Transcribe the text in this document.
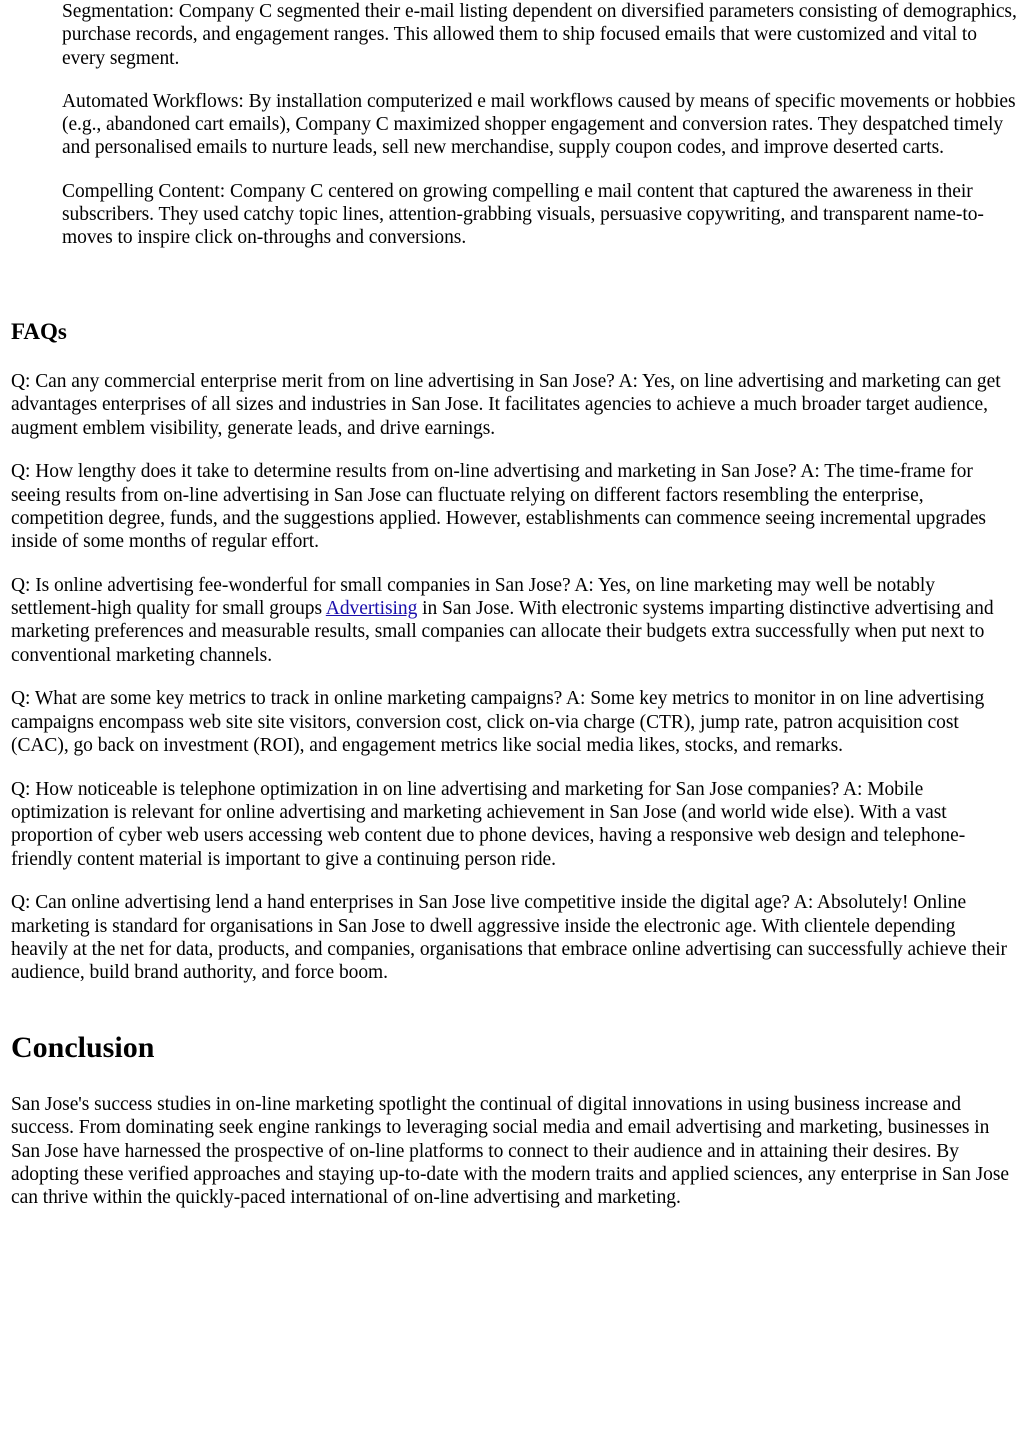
Segmentation: Company C segmented their e-mail listing dependent on diversified parameters consisting of demographics, purchase records, and engagement ranges. This allowed them to ship focused emails that were customized and vital to every segment.

Automated Workflows: By installation computerized e mail workflows caused by means of specific movements or hobbies (e.g., abandoned cart emails), Company C maximized shopper engagement and conversion rates. They despatched timely and personalised emails to nurture leads, sell new merchandise, supply coupon codes, and improve deserted carts.

Compelling Content: Company C centered on growing compelling e mail content that captured the awareness in their subscribers. They used catchy topic lines, attention-grabbing visuals, persuasive copywriting, and transparent name-to-moves to inspire click on-throughs and conversions.

FAQs

Q: Can any commercial enterprise merit from on line advertising in San Jose? A: Yes, on line advertising and marketing can get advantages enterprises of all sizes and industries in San Jose. It facilitates agencies to achieve a much broader target audience, augment emblem visibility, generate leads, and drive earnings.

Q: How lengthy does it take to determine results from on-line advertising and marketing in San Jose? A: The time-frame for seeing results from on-line advertising in San Jose can fluctuate relying on different factors resembling the enterprise, competition degree, funds, and the suggestions applied. However, establishments can commence seeing incremental upgrades inside of some months of regular effort.

Q: Is online advertising fee-wonderful for small companies in San Jose? A: Yes, on line marketing may well be notably settlement-high quality for small groups Advertising in San Jose. With electronic systems imparting distinctive advertising and marketing preferences and measurable results, small companies can allocate their budgets extra successfully when put next to conventional marketing channels.

Q: What are some key metrics to track in online marketing campaigns? A: Some key metrics to monitor in on line advertising campaigns encompass web site site visitors, conversion cost, click on-via charge (CTR), jump rate, patron acquisition cost (CAC), go back on investment (ROI), and engagement metrics like social media likes, stocks, and remarks.

Q: How noticeable is telephone optimization in on line advertising and marketing for San Jose companies? A: Mobile optimization is relevant for online advertising and marketing achievement in San Jose (and world wide else). With a vast proportion of cyber web users accessing web content due to phone devices, having a responsive web design and telephone-friendly content material is important to give a continuing person ride.

Q: Can online advertising lend a hand enterprises in San Jose live competitive inside the digital age? A: Absolutely! Online marketing is standard for organisations in San Jose to dwell aggressive inside the electronic age. With clientele depending heavily at the net for data, products, and companies, organisations that embrace online advertising can successfully achieve their audience, build brand authority, and force boom.

Conclusion

San Jose's success studies in on-line marketing spotlight the continual of digital innovations in using business increase and success. From dominating seek engine rankings to leveraging social media and email advertising and marketing, businesses in San Jose have harnessed the prospective of on-line platforms to connect to their audience and in attaining their desires. By adopting these verified approaches and staying up-to-date with the modern traits and applied sciences, any enterprise in San Jose can thrive within the quickly-paced international of on-line advertising and marketing.
